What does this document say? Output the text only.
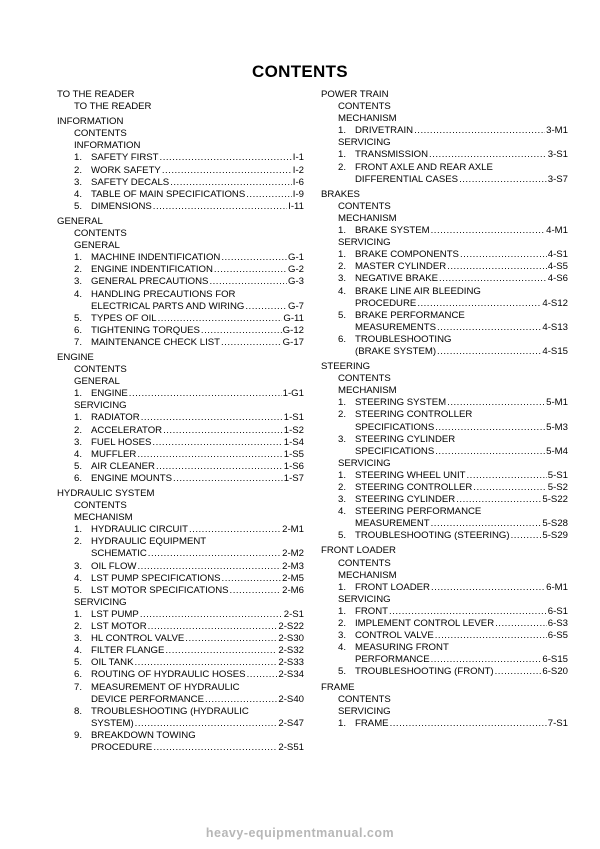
CONTENTS
TO THE READER
TO THE READER
INFORMATION
CONTENTS
INFORMATION
1. SAFETY FIRST .....	I-1
2. WORK SAFETY .....	I-2
3. SAFETY DECALS .....	I-6
4. TABLE OF MAIN SPECIFICATIONS .....	I-9
5. DIMENSIONS .....	I-11
GENERAL
CONTENTS
GENERAL
1. MACHINE INDENTIFICATION .....	G-1
2. ENGINE INDENTIFICATION .....	G-2
3. GENERAL PRECAUTIONS .....	G-3
4. HANDLING PRECAUTIONS FOR
ELECTRICAL PARTS AND WIRING .....	G-7
5. TYPES OF OIL .....	G-11
6. TIGHTENING TORQUES .....	G-12
7. MAINTENANCE CHECK LIST .....	G-17
ENGINE
CONTENTS
GENERAL
1. ENGINE .....	1-G1
SERVICING
1. RADIATOR .....	1-S1
2. ACCELERATOR .....	1-S2
3. FUEL HOSES .....	1-S4
4. MUFFLER .....	1-S5
5. AIR CLEANER .....	1-S6
6. ENGINE MOUNTS .....	1-S7
HYDRAULIC SYSTEM
CONTENTS
MECHANISM
1. HYDRAULIC CIRCUIT .....	2-M1
2. HYDRAULIC EQUIPMENT
SCHEMATIC .....	2-M2
3. OIL FLOW .....	2-M3
4. LST PUMP SPECIFICATIONS .....	2-M5
5. LST MOTOR SPECIFICATIONS .....	2-M6
SERVICING
1. LST PUMP .....	2-S1
2. LST MOTOR .....	2-S22
3. HL CONTROL VALVE .....	2-S30
4. FILTER FLANGE .....	2-S32
5. OIL TANK .....	2-S33
6. ROUTING OF HYDRAULIC HOSES .....	2-S34
7. MEASUREMENT OF HYDRAULIC
DEVICE PERFORMANCE .....	2-S40
8. TROUBLESHOOTING (HYDRAULIC
SYSTEM) .....	2-S47
9. BREAKDOWN TOWING
PROCEDURE .....	2-S51
POWER TRAIN
CONTENTS
MECHANISM
1. DRIVETRAIN .....	3-M1
SERVICING
1. TRANSMISSION .....	3-S1
2. FRONT AXLE AND REAR AXLE
DIFFERENTIAL CASES .....	3-S7
BRAKES
CONTENTS
MECHANISM
1. BRAKE SYSTEM .....	4-M1
SERVICING
1. BRAKE COMPONENTS .....	4-S1
2. MASTER CYLINDER .....	4-S5
3. NEGATIVE BRAKE .....	4-S6
4. BRAKE LINE AIR BLEEDING
PROCEDURE .....	4-S12
5. BRAKE PERFORMANCE
MEASUREMENTS .....	4-S13
6. TROUBLESHOOTING
(BRAKE SYSTEM) .....	4-S15
STEERING
CONTENTS
MECHANISM
1. STEERING SYSTEM .....	5-M1
2. STEERING CONTROLLER
SPECIFICATIONS .....	5-M3
3. STEERING CYLINDER
SPECIFICATIONS .....	5-M4
SERVICING
1. STEERING WHEEL UNIT .....	5-S1
2. STEERING CONTROLLER .....	5-S2
3. STEERING CYLINDER .....	5-S22
4. STEERING PERFORMANCE
MEASUREMENT .....	5-S28
5. TROUBLESHOOTING (STEERING) .....	5-S29
FRONT LOADER
CONTENTS
MECHANISM
1. FRONT LOADER .....	6-M1
SERVICING
1. FRONT .....	6-S1
2. IMPLEMENT CONTROL LEVER .....	6-S3
3. CONTROL VALVE .....	6-S5
4. MEASURING FRONT
PERFORMANCE .....	6-S15
5. TROUBLESHOOTING (FRONT) .....	6-S20
FRAME
CONTENTS
SERVICING
1. FRAME .....	7-S1
heavy-equipmentmanual.com
